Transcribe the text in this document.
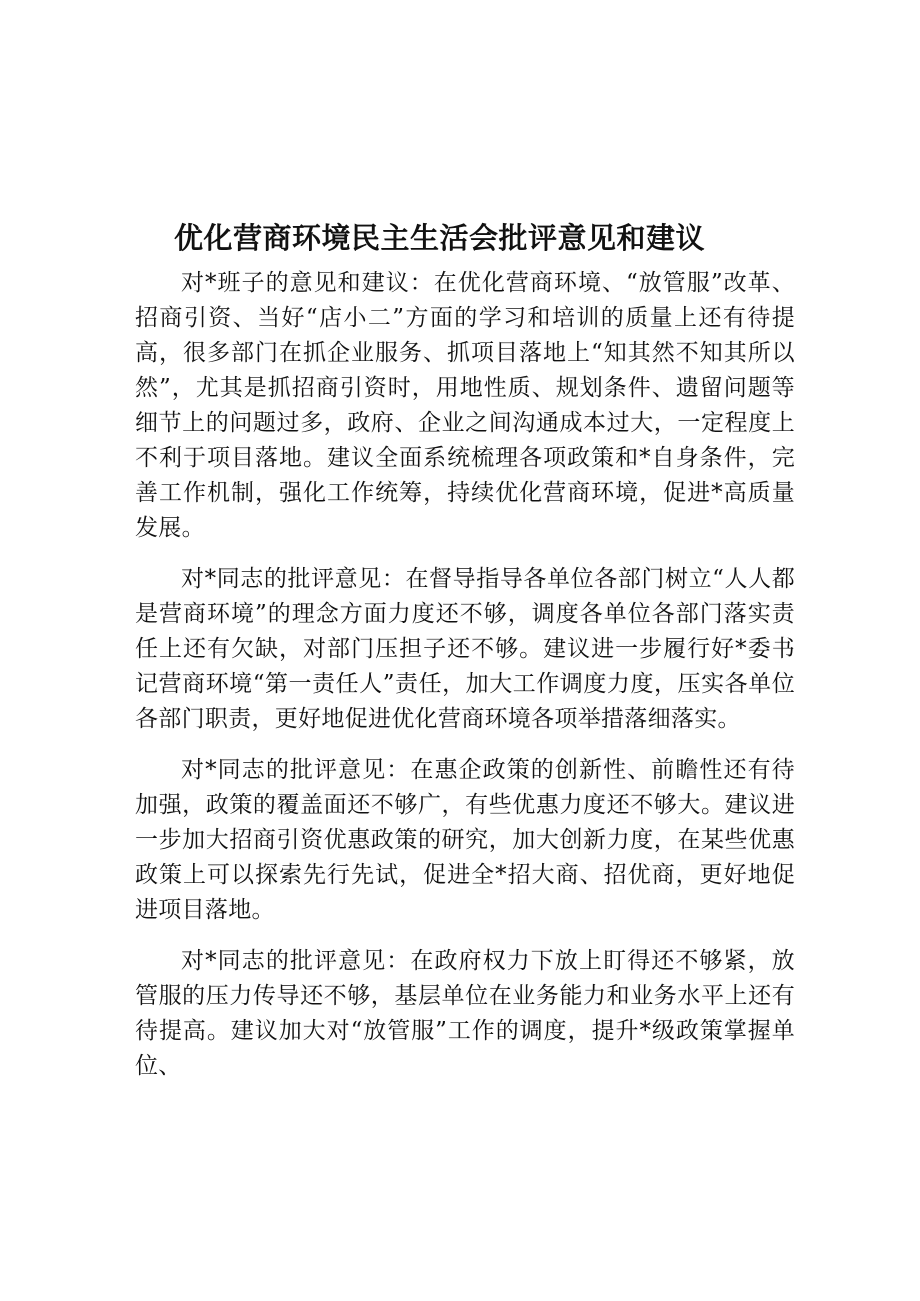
优化营商环境民主生活会批评意见和建议

对*班子的意见和建议：在优化营商环境、“放管服”改革、招商引资、当好“店小二”方面的学习和培训的质量上还有待提高，很多部门在抓企业服务、抓项目落地上“知其然不知其所以然”，尤其是抓招商引资时，用地性质、规划条件、遗留问题等细节上的问题过多，政府、企业之间沟通成本过大，一定程度上不利于项目落地。建议全面系统梳理各项政策和*自身条件，完善工作机制，强化工作统筹，持续优化营商环境，促进*高质量发展。

对*同志的批评意见：在督导指导各单位各部门树立“人人都是营商环境”的理念方面力度还不够，调度各单位各部门落实责任上还有欠缺，对部门压担子还不够。建议进一步履行好*委书记营商环境“第一责任人”责任，加大工作调度力度，压实各单位各部门职责，更好地促进优化营商环境各项举措落细落实。

对*同志的批评意见：在惠企政策的创新性、前瞻性还有待加强，政策的覆盖面还不够广，有些优惠力度还不够大。建议进一步加大招商引资优惠政策的研究，加大创新力度，在某些优惠政策上可以探索先行先试，促进全*招大商、招优商，更好地促进项目落地。

对*同志的批评意见：在政府权力下放上盯得还不够紧，放管服的压力传导还不够，基层单位在业务能力和业务水平上还有待提高。建议加大对“放管服”工作的调度，提升*级政策掌握单位、
